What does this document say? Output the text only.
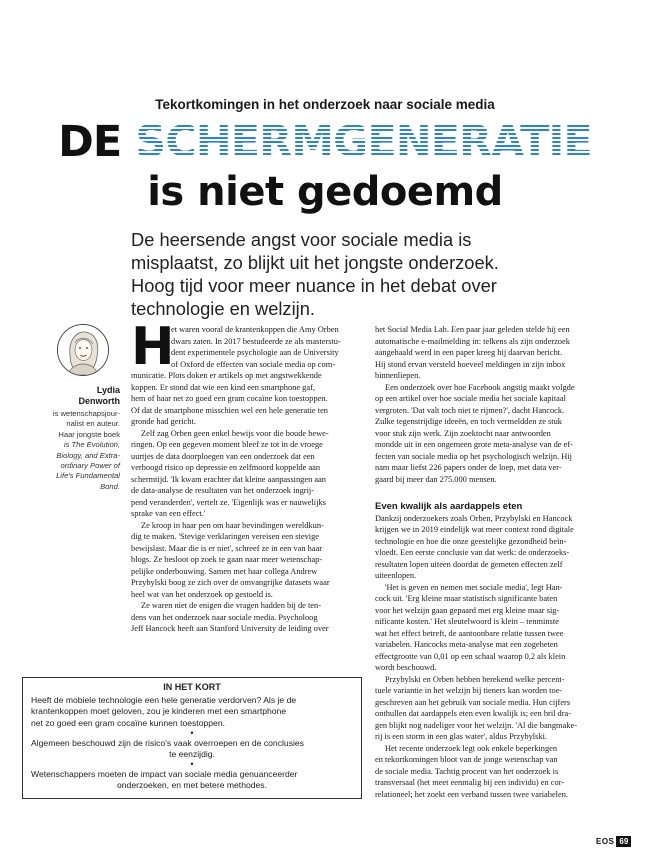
Tekortkomingen in het onderzoek naar sociale media
DE SCHERMGENERATIE
is niet gedoemd
De heersende angst voor sociale media is
misplaatst, zo blijkt uit het jongste onderzoek.
Hoog tijd voor meer nuance in het debat over
technologie en welzijn.
Lydia
Denworth
is wetenschapsjour-
nalist en auteur.
Haar jongste boek
is The Evolution,
Biology, and Extra-
ordinary Power of
Life's Fundamental
Bond.
H
et waren vooral de krantenkoppen die Amy Orben
dwars zaten. In 2017 bestudeerde ze als masterstu-
dent experimentele psychologie aan de University
of Oxford de effecten van sociale media op com-
municatie. Plots doken er artikels op met angstwekkende
koppen. Er stond dat wie een kind een smartphone gaf,
hem of haar net zo goed een gram cocaïne kon toestoppen.
Of dat de smartphone misschien wel een hele generatie ten
gronde had gericht.
Zelf zag Orben geen enkel bewijs voor die boude bewe-
ringen. Op een gegeven moment bleef ze tot in de vroege
uurtjes de data doorploegen van een onderzoek dat een
verhoogd risico op depressie en zelfmoord koppelde aan
schermtijd. 'Ik kwam erachter dat kleine aanpassingen aan
de data-analyse de resultaten van het onderzoek ingrij-
pend veranderden', vertelt ze. 'Eigenlijk was er nauwelijks
sprake van een effect.'
Ze kroop in haar pen om haar bevindingen wereldkun-
dig te maken. 'Stevige verklaringen vereisen een stevige
bewijslast. Maar die is er niet', schreef ze in een van haar
blogs. Ze besloot op zoek te gaan naar meer wetenschap-
pelijke onderbouwing. Samen met haar collega Andrew
Przybylski boog ze zich over de omvangrijke datasets waar
heel wat van het onderzoek op gestoeld is.
Ze waren niet de enigen die vragen hadden bij de ten-
dens van het onderzoek naar sociale media. Psycholoog
Jeff Hancock heeft aan Stanford University de leiding over
het Social Media Lab. Een paar jaar geleden stelde hij een
automatische e-mailmelding in: telkens als zijn onderzoek
aangehaald werd in een paper kreeg hij daarvan bericht.
Hij stond ervan versteld hoeveel meldingen in zijn inbox
binnenliepen.
Een onderzoek over hoe Facebook angstig maakt volgde
op een artikel over hoe sociale media het sociale kapitaal
vergroten. 'Dat valt toch niet te rijmen?', dacht Hancock.
Zulke tegenstrijdige ideeën, en toch vermeldden ze stuk
voor stuk zijn werk. Zijn zoektocht naar antwoorden
mondde uit in een ongemeen grote meta-analyse van de ef-
fecten van sociale media op het psychologisch welzijn. Hij
nam maar liefst 226 papers onder de loep, met data ver-
gaard bij meer dan 275.000 mensen.
Even kwalijk als aardappels eten
Dankzij onderzoekers zoals Orben, Przybylski en Hancock
krijgen we in 2019 eindelijk wat meer context rond digitale
technologie en hoe die onze geestelijke gezondheid beïn-
vloedt. Een eerste conclusie van dat werk: de onderzoeks-
resultaten lopen uiteen doordat de gemeten effecten zelf
uiteenlopen.
'Het is geven en nemen met sociale media', legt Han-
cock uit. 'Erg kleine maar statistisch significante baten
voor het welzijn gaan gepaard met erg kleine maar sig-
nificante kosten.' Het sleutelwoord is klein – tenminste
wat het effect betreft, de aantoonbare relatie tussen twee
variabelen. Hancocks meta-analyse mat een zogeheten
effectgrootte van 0,01 op een schaal waarop 0,2 als klein
wordt beschouwd.
Przybylski en Orben hebben berekend welke percent-
tuele variantie in het welzijn bij tieners kan worden toe-
geschreven aan het gebruik van sociale media. Hun cijfers
onthullen dat aardappels eten even kwalijk is; een bril dra-
gen blijkt nog nadeliger voor het welzijn. 'Al die bangmake-
rij is een storm in een glas water', aldus Przybylski.
Het recente onderzoek legt ook enkele beperkingen
en tekortkomingen bloot van de jonge wetenschap van
de sociale media. Tachtig procent van het onderzoek is
transversaal (het meet eenmalig bij een individu) en cor-
relationeel; het zoekt een verband tussen twee variabelen.
IN HET KORT
Heeft de mobiele technologie een hele generatie verdorven? Als je de
krantenkoppen moet geloven, zou je kinderen met een smartphone
net zo goed een gram cocaïne kunnen toestoppen.
•
Algemeen beschouwd zijn de risico's vaak overroepen en de conclusies
te eenzijdig.
•
Wetenschappers moeten de impact van sociale media genuanceerder
onderzoeken, en met betere methodes.
EOS 69
